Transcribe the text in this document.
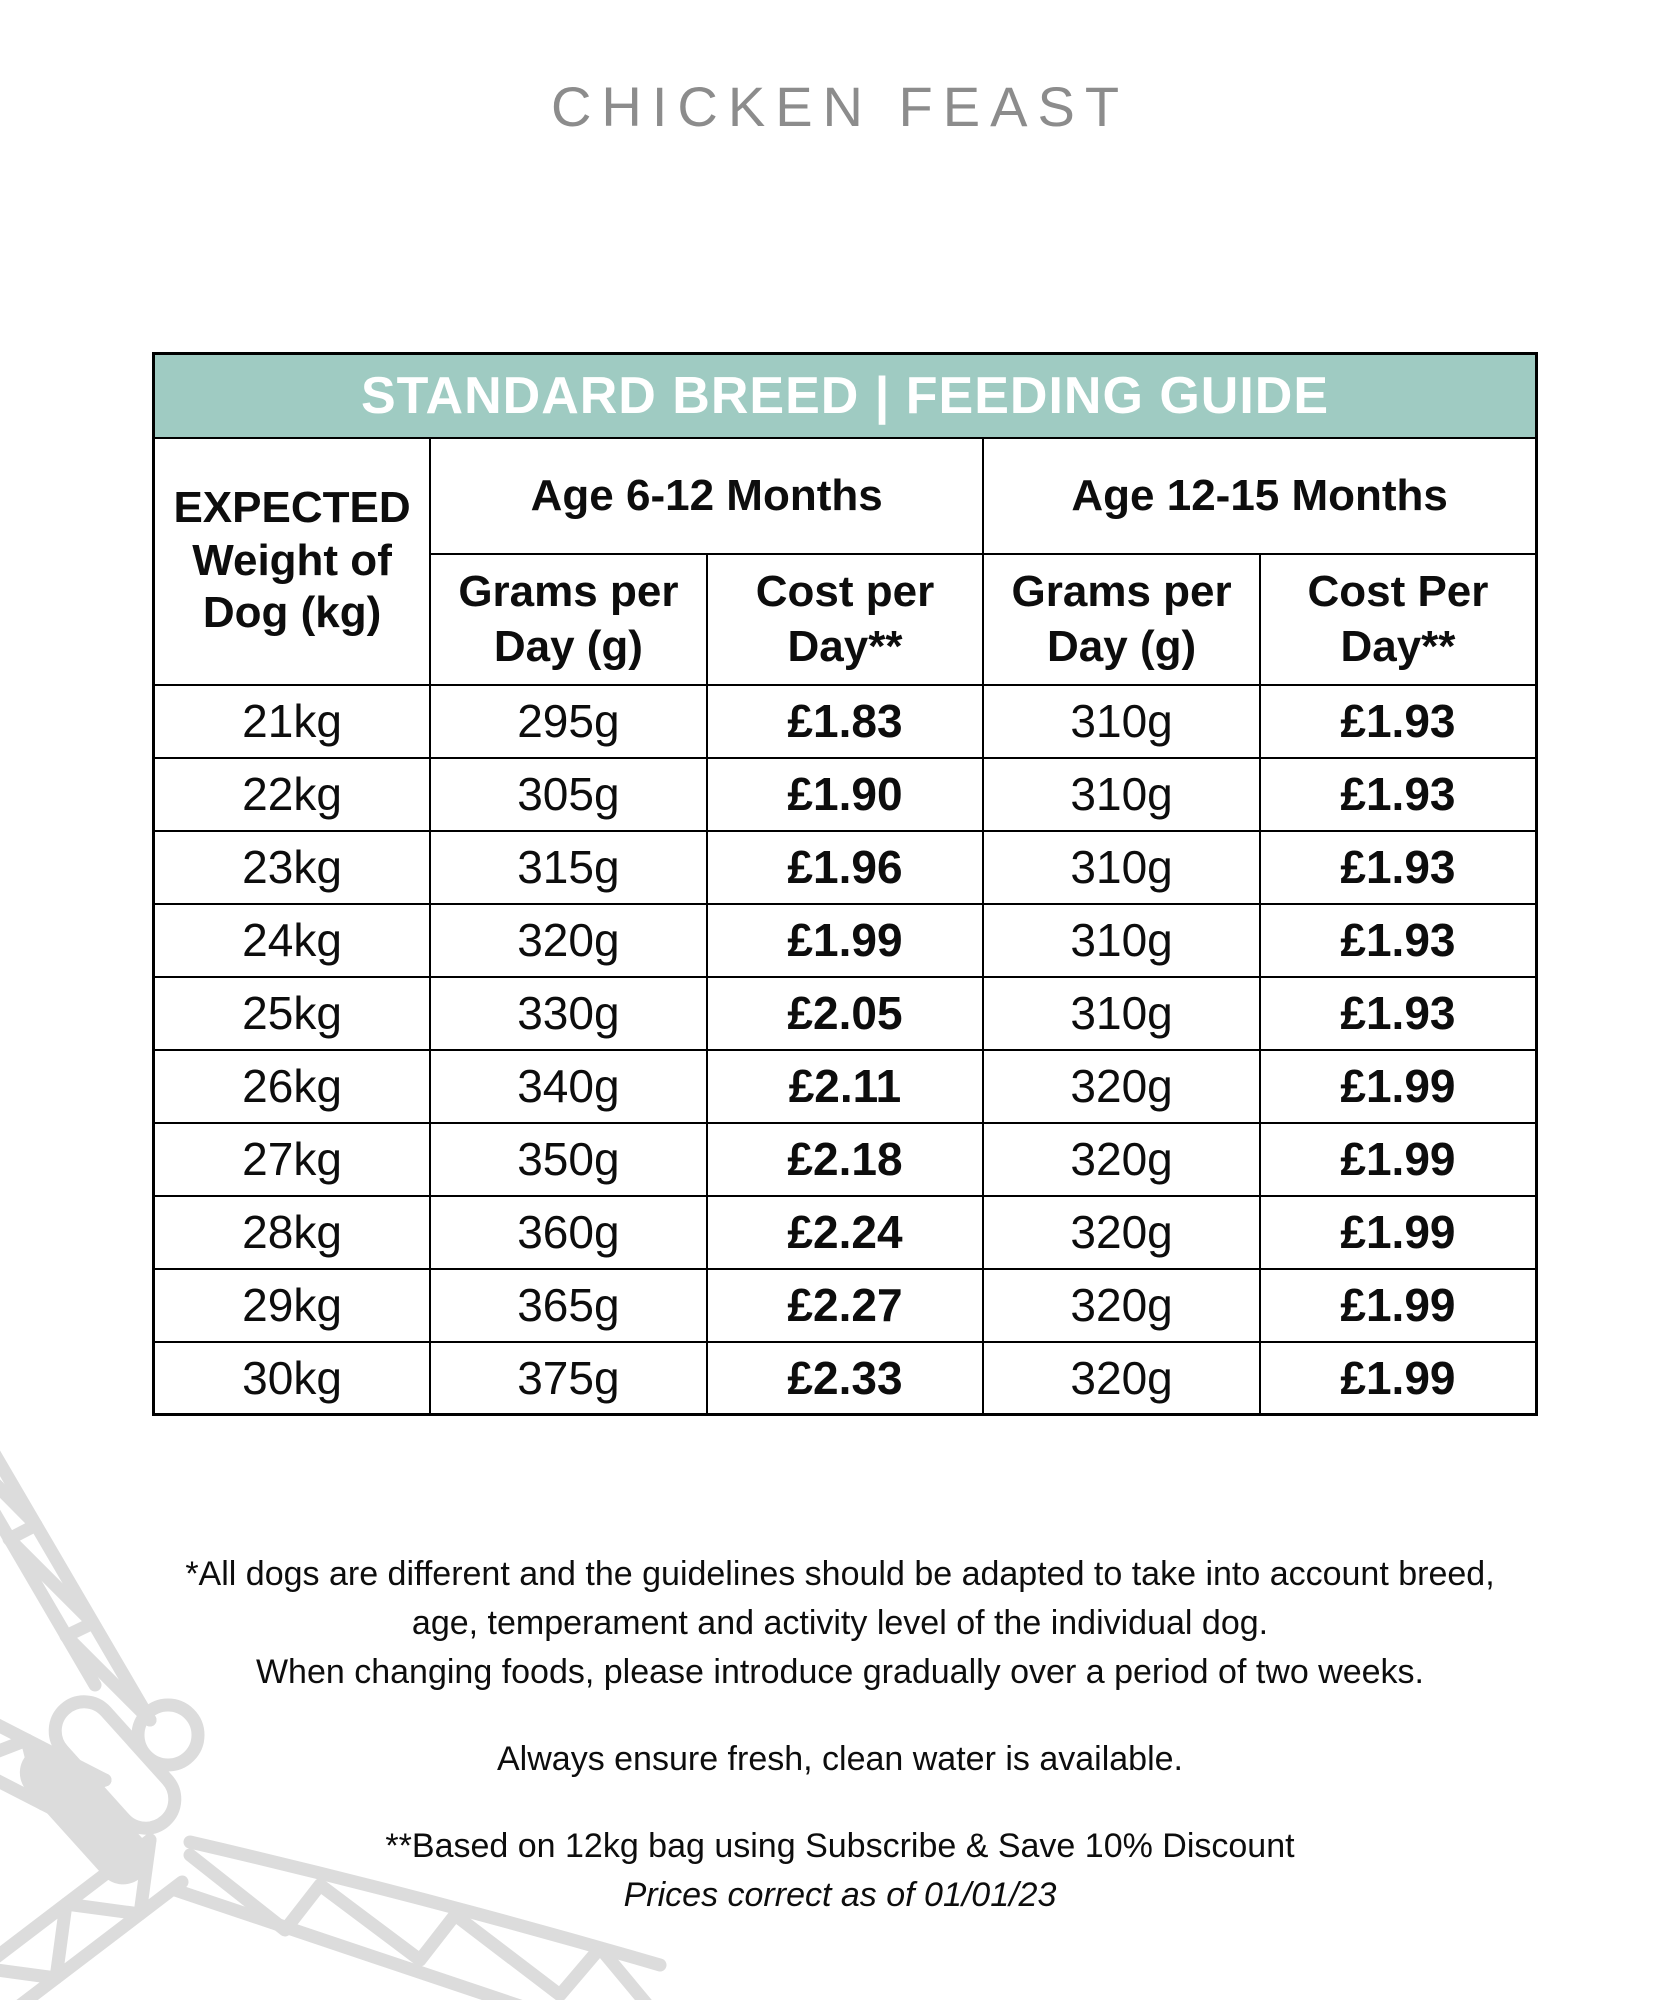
CHICKEN FEAST
STANDARD BREED | FEEDING GUIDE				

EXPECTED
Weight of
Dog (kg)	Age 6-12 Months		Age 12-15 Months	
	Grams per Day (g)	Cost per Day**	Grams per Day (g)	Cost Per Day**
21kg	295g	£1.83	310g	£1.93
22kg	305g	£1.90	310g	£1.93
23kg	315g	£1.96	310g	£1.93
24kg	320g	£1.99	310g	£1.93
25kg	330g	£2.05	310g	£1.93
26kg	340g	£2.11	320g	£1.99
27kg	350g	£2.18	320g	£1.99
28kg	360g	£2.24	320g	£1.99
29kg	365g	£2.27	320g	£1.99
30kg	375g	£2.33	320g	£1.99
*All dogs are different and the guidelines should be adapted to take into account breed,
age, temperament and activity level of the individual dog.
When changing foods, please introduce gradually over a period of two weeks.
Always ensure fresh, clean water is available.
**Based on 12kg bag using Subscribe & Save 10% Discount
Prices correct as of 01/01/23
